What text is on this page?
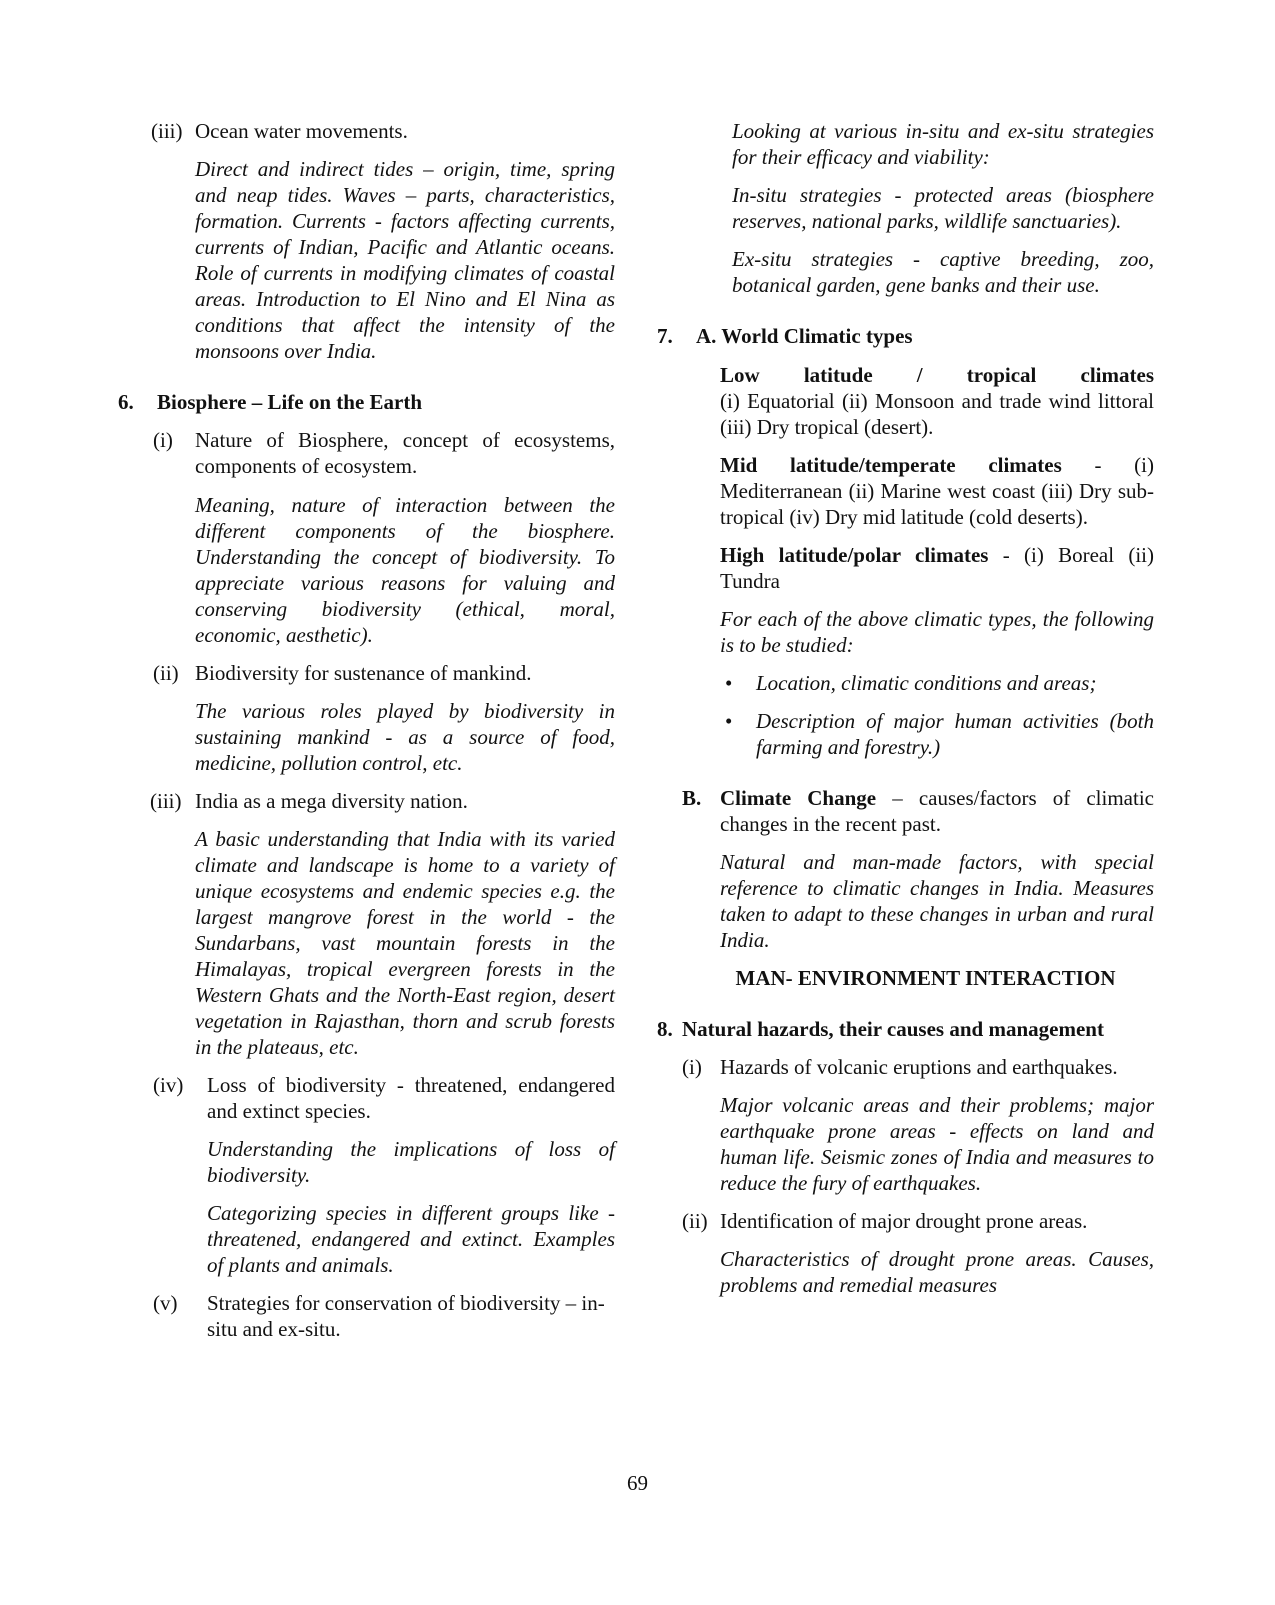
(iii) Ocean water movements.

Direct and indirect tides – origin, time, spring and neap tides. Waves – parts, characteristics, formation. Currents - factors affecting currents, currents of Indian, Pacific and Atlantic oceans. Role of currents in modifying climates of coastal areas. Introduction to El Nino and El Nina as conditions that affect the intensity of the monsoons over India.

6. Biosphere – Life on the Earth

(i) Nature of Biosphere, concept of ecosystems, components of ecosystem.

Meaning, nature of interaction between the different components of the biosphere. Understanding the concept of biodiversity. To appreciate various reasons for valuing and conserving biodiversity (ethical, moral, economic, aesthetic).

(ii) Biodiversity for sustenance of mankind.

The various roles played by biodiversity in sustaining mankind - as a source of food, medicine, pollution control, etc.

(iii) India as a mega diversity nation.

A basic understanding that India with its varied climate and landscape is home to a variety of unique ecosystems and endemic species e.g. the largest mangrove forest in the world - the Sundarbans, vast mountain forests in the Himalayas, tropical evergreen forests in the Western Ghats and the North-East region, desert vegetation in Rajasthan, thorn and scrub forests in the plateaus, etc.

(iv) Loss of biodiversity - threatened, endangered and extinct species.

Understanding the implications of loss of biodiversity.

Categorizing species in different groups like - threatened, endangered and extinct. Examples of plants and animals.

(v) Strategies for conservation of biodiversity – in-situ and ex-situ.

Looking at various in-situ and ex-situ strategies for their efficacy and viability:

In-situ strategies - protected areas (biosphere reserves, national parks, wildlife sanctuaries).

Ex-situ strategies - captive breeding, zoo, botanical garden, gene banks and their use.

7. A. World Climatic types

Low latitude / tropical climates

(i) Equatorial (ii) Monsoon and trade wind littoral (iii) Dry tropical (desert).

Mid latitude/temperate climates - (i) Mediterranean (ii) Marine west coast (iii) Dry sub-tropical (iv) Dry mid latitude (cold deserts).

High latitude/polar climates - (i) Boreal (ii) Tundra

For each of the above climatic types, the following is to be studied:

• Location, climatic conditions and areas;

• Description of major human activities (both farming and forestry.)

B. Climate Change – causes/factors of climatic changes in the recent past.

Natural and man-made factors, with special reference to climatic changes in India. Measures taken to adapt to these changes in urban and rural India.

MAN- ENVIRONMENT INTERACTION

8. Natural hazards, their causes and management

(i) Hazards of volcanic eruptions and earthquakes.

Major volcanic areas and their problems; major earthquake prone areas - effects on land and human life. Seismic zones of India and measures to reduce the fury of earthquakes.

(ii) Identification of major drought prone areas.

Characteristics of drought prone areas. Causes, problems and remedial measures

69
